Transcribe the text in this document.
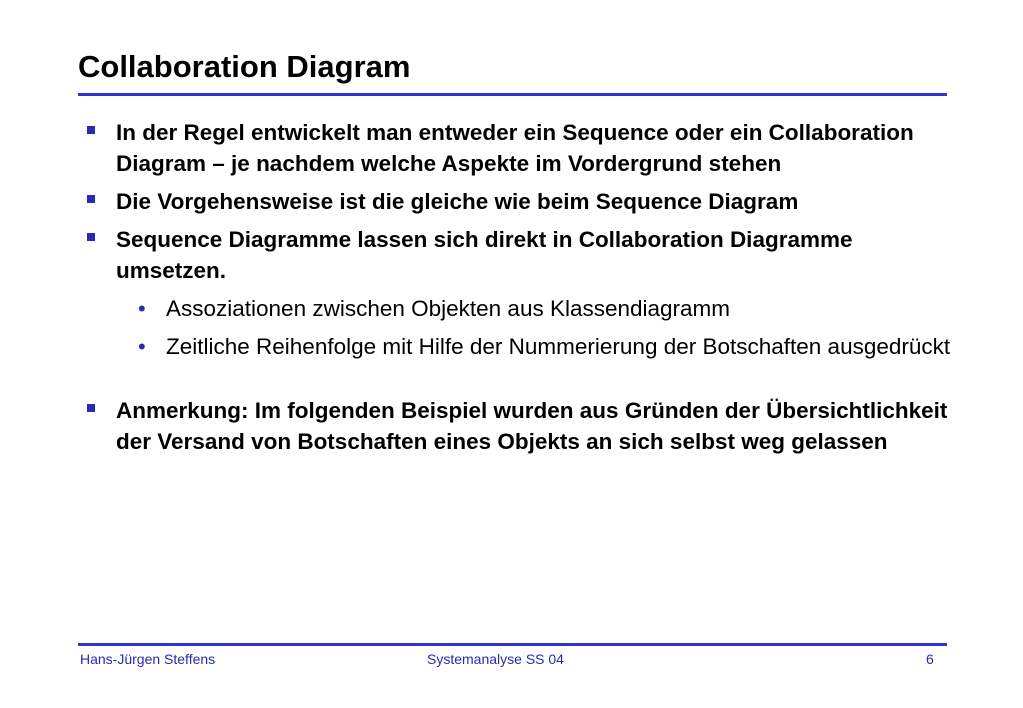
Collaboration Diagram
In der Regel entwickelt man entweder ein Sequence oder ein Collaboration Diagram – je nachdem welche Aspekte im Vordergrund stehen
Die Vorgehensweise ist die gleiche wie beim Sequence Diagram
Sequence Diagramme lassen sich direkt in Collaboration Diagramme umsetzen.
• Assoziationen zwischen Objekten aus Klassendiagramm
• Zeitliche Reihenfolge mit Hilfe der Nummerierung der Botschaften ausgedrückt
Anmerkung: Im folgenden Beispiel wurden aus Gründen der Übersichtlichkeit der Versand von Botschaften eines Objekts an sich selbst weg gelassen
Hans-Jürgen Steffens	Systemanalyse SS 04	6
